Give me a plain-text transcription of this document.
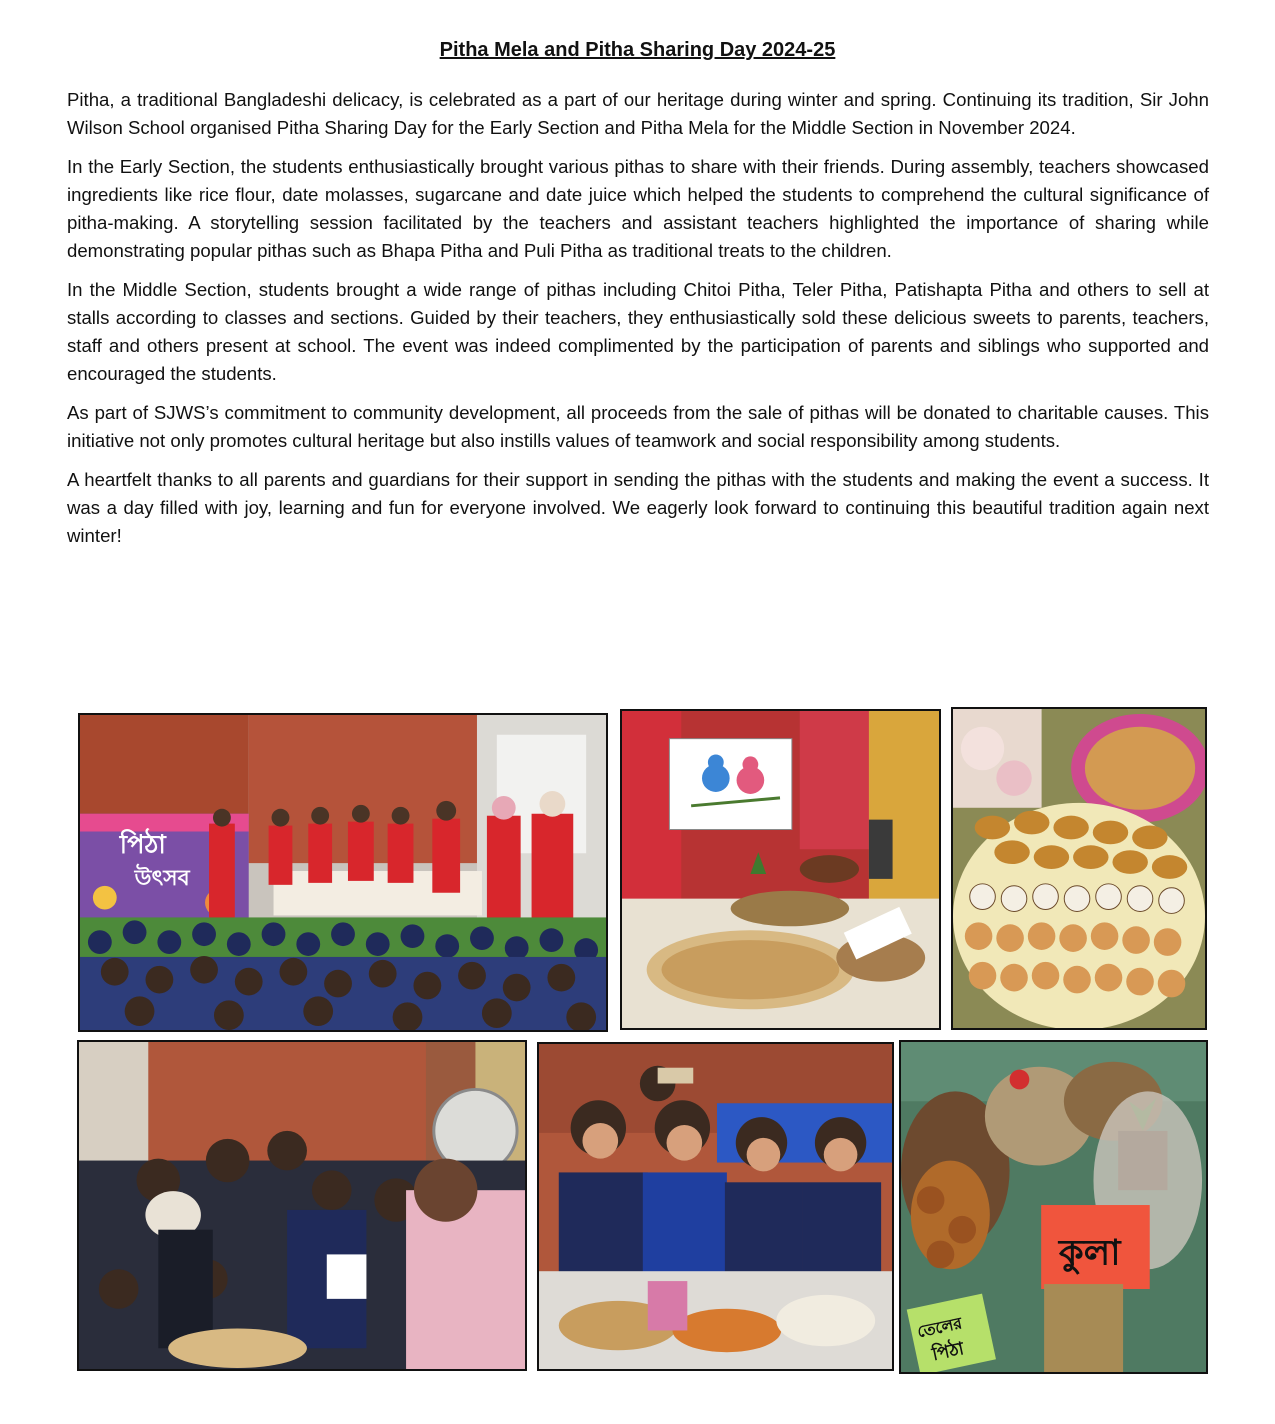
Pitha Mela and Pitha Sharing Day 2024-25

Pitha, a traditional Bangladeshi delicacy, is celebrated as a part of our heritage during winter and spring. Continuing its tradition, Sir John Wilson School organised Pitha Sharing Day for the Early Section and Pitha Mela for the Middle Section in November 2024.

In the Early Section, the students enthusiastically brought various pithas to share with their friends. During assembly, teachers showcased ingredients like rice flour, date molasses, sugarcane and date juice which helped the students to comprehend the cultural significance of pitha-making. A storytelling session facilitated by the teachers and assistant teachers highlighted the importance of sharing while demonstrating popular pithas such as Bhapa Pitha and Puli Pitha as traditional treats to the children.

In the Middle Section, students brought a wide range of pithas including Chitoi Pitha, Teler Pitha, Patishapta Pitha and others to sell at stalls according to classes and sections. Guided by their teachers, they enthusiastically sold these delicious sweets to parents, teachers, staff and others present at school. The event was indeed complimented by the participation of parents and siblings who supported and encouraged the students.

As part of SJWS’s commitment to community development, all proceeds from the sale of pithas will be donated to charitable causes. This initiative not only promotes cultural heritage but also instills values of teamwork and social responsibility among students.

A heartfelt thanks to all parents and guardians for their support in sending the pithas with the students and making the event a success. It was a day filled with joy, learning and fun for everyone involved. We eagerly look forward to continuing this beautiful tradition again next winter!

পিঠা
উৎসব
কুলা
তেলের
পিঠা
